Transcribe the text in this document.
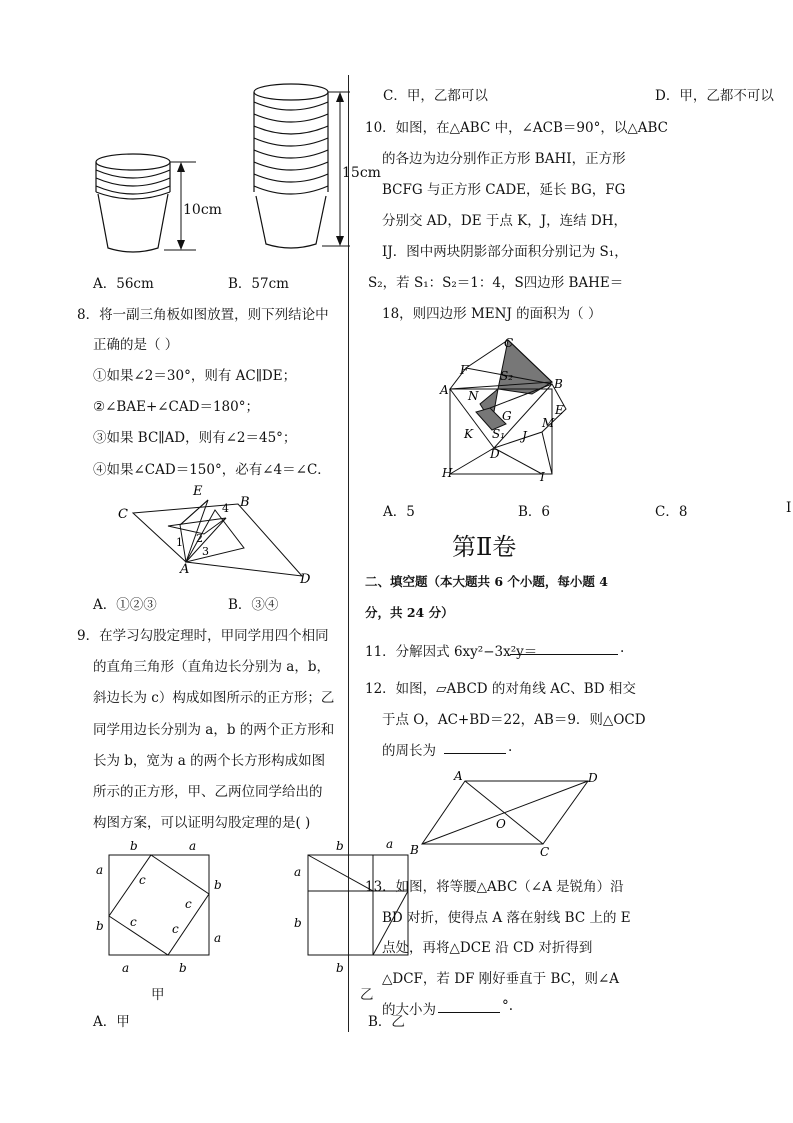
10cm
15cm
A．56cm	B．57cm
8．将一副三角板如图放置，则下列结论中
正确的是（ ）
①如果∠2＝30°，则有 AC∥DE；
②∠BAE+∠CAD＝180°；
③如果 BC∥AD，则有∠2＝45°；
④如果∠CAD＝150°，必有∠4＝∠C．
E
B
C
A
D
1 2
3
4
A．①②③	B．③④
9．在学习勾股定理时，甲同学用四个相同
的直角三角形（直角边长分别为 a，b，
斜边长为 c）构成如图所示的正方形；乙
同学用边长分别为 a，b 的两个正方形和
长为 b，宽为 a 的两个长方形构成如图
所示的正方形，甲、乙两位同学给出的
构图方案，可以证明勾股定理的是( )
b	a
a
b
b
a
a	b
c
c
c	c
甲
b	a
a
b
b
乙
A．甲	B．乙
C．甲，乙都可以	D．甲，乙都不可以
10．如图，在△ABC 中，∠ACB＝90°，以△ABC
的各边为边分别作正方形 BAHI，正方形
BCFG 与正方形 CADE，延长 BG，FG
分别交 AD，DE 于点 K，J，连结 DH，
IJ．图中两块阴影部分面积分别记为 S₁，
S₂，若 S₁：S₂＝1：4，S四边形 BAHE＝
18，则四边形 MENJ 的面积为（ ）
C
F
B
A N
G	E
M
K	J
D
H	I
S₁
S₂
A．5	B．6	C．8	I
第Ⅱ卷
二、填空题（本大题共 6 个小题，每小题 4
分，共 24 分）
11．分解因式 6xy²−3x²y＝	.
12．如图，▱ABCD 的对角线 AC、BD 相交
于点 O，AC+BD＝22，AB＝9．则△OCD
的周长为	.
A	D
O
B	C
13．如图，将等腰△ABC（∠A 是锐角）沿
BD 对折，使得点 A 落在射线 BC 上的 E
点处，再将△DCE 沿 CD 对折得到
△DCF，若 DF 刚好垂直于 BC，则∠A
的大小为	°.
